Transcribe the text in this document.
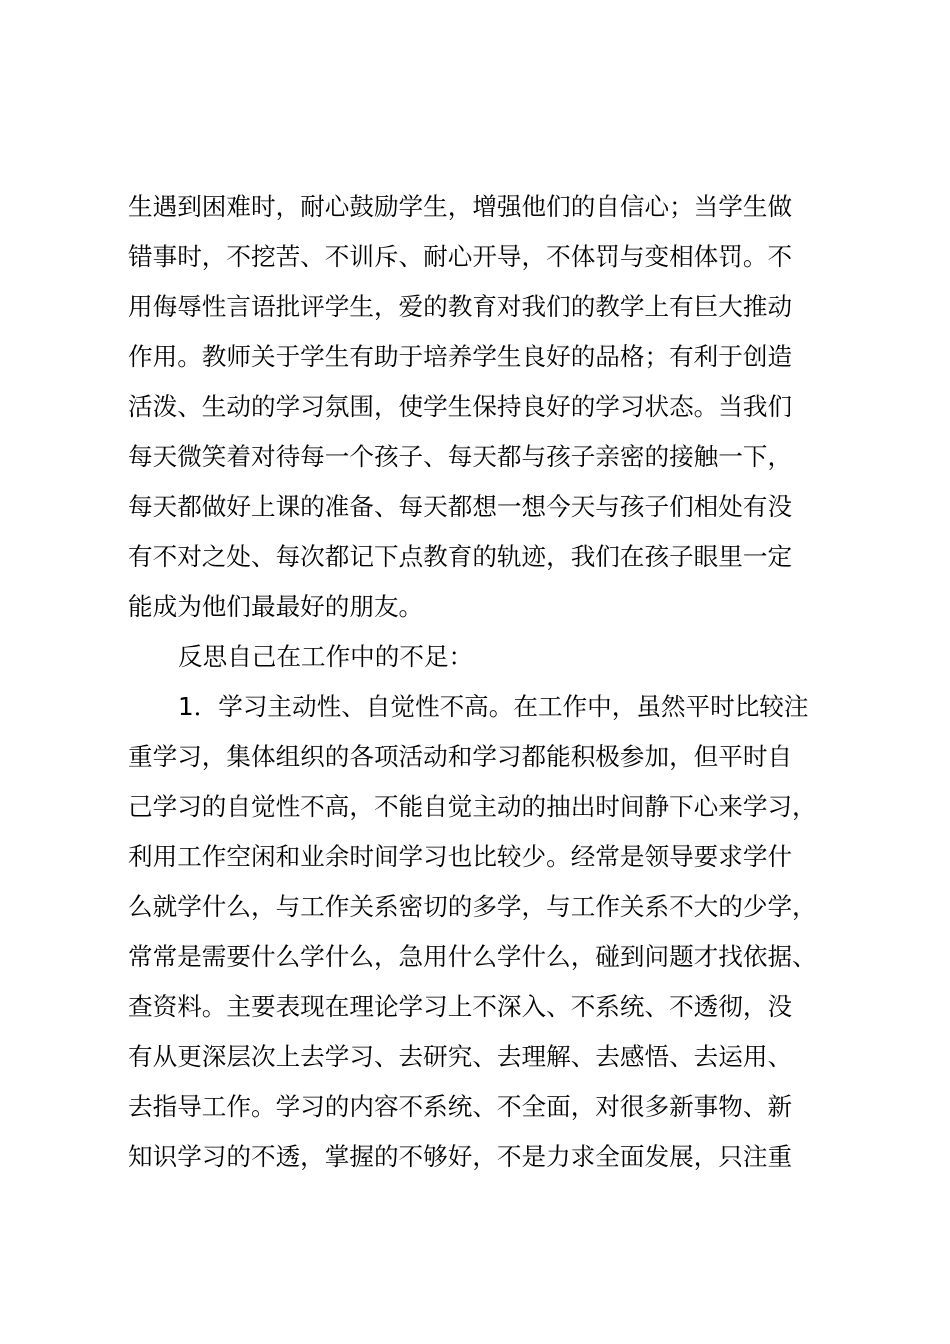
生遇到困难时，耐心鼓励学生，增强他们的自信心；当学生做
错事时，不挖苦、不训斥、耐心开导，不体罚与变相体罚。不
用侮辱性言语批评学生，爱的教育对我们的教学上有巨大推动
作用。教师关于学生有助于培养学生良好的品格；有利于创造
活泼、生动的学习氛围，使学生保持良好的学习状态。当我们
每天微笑着对待每一个孩子、每天都与孩子亲密的接触一下，
每天都做好上课的准备、每天都想一想今天与孩子们相处有没
有不对之处、每次都记下点教育的轨迹，我们在孩子眼里一定
能成为他们最最好的朋友。
反思自己在工作中的不足：
1．学习主动性、自觉性不高。在工作中，虽然平时比较注
重学习，集体组织的各项活动和学习都能积极参加，但平时自
己学习的自觉性不高，不能自觉主动的抽出时间静下心来学习，
利用工作空闲和业余时间学习也比较少。经常是领导要求学什
么就学什么，与工作关系密切的多学，与工作关系不大的少学，
常常是需要什么学什么，急用什么学什么，碰到问题才找依据、
查资料。主要表现在理论学习上不深入、不系统、不透彻，没
有从更深层次上去学习、去研究、去理解、去感悟、去运用、
去指导工作。学习的内容不系统、不全面，对很多新事物、新
知识学习的不透，掌握的不够好，不是力求全面发展，只注重
